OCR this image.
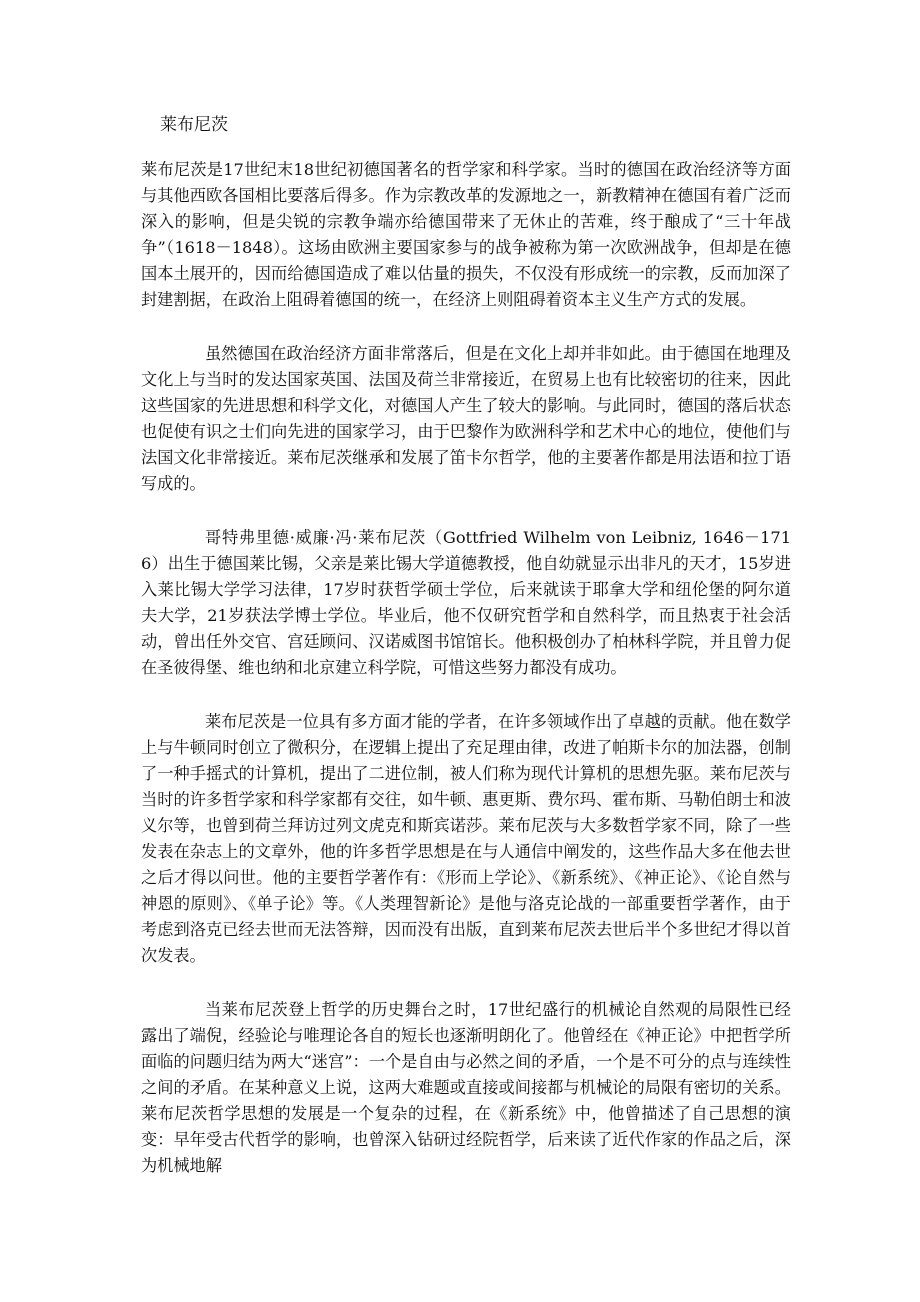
莱布尼茨

莱布尼茨是17世纪末18世纪初德国著名的哲学家和科学家。当时的德国在政治经济等方面与其他西欧各国相比要落后得多。作为宗教改革的发源地之一，新教精神在德国有着广泛而深入的影响，但是尖锐的宗教争端亦给德国带来了无休止的苦难，终于酿成了“三十年战争”（1618－1848）。这场由欧洲主要国家参与的战争被称为第一次欧洲战争，但却是在德国本土展开的，因而给德国造成了难以估量的损失，不仅没有形成统一的宗教，反而加深了封建割据，在政治上阻碍着德国的统一，在经济上则阻碍着资本主义生产方式的发展。

虽然德国在政治经济方面非常落后，但是在文化上却并非如此。由于德国在地理及文化上与当时的发达国家英国、法国及荷兰非常接近，在贸易上也有比较密切的往来，因此这些国家的先进思想和科学文化，对德国人产生了较大的影响。与此同时，德国的落后状态也促使有识之士们向先进的国家学习，由于巴黎作为欧洲科学和艺术中心的地位，使他们与法国文化非常接近。莱布尼茨继承和发展了笛卡尔哲学，他的主要著作都是用法语和拉丁语写成的。

哥特弗里德·威廉·冯·莱布尼茨（Gottfried Wilhelm von Leibniz, 1646－1716）出生于德国莱比锡，父亲是莱比锡大学道德教授，他自幼就显示出非凡的天才，15岁进入莱比锡大学学习法律，17岁时获哲学硕士学位，后来就读于耶拿大学和纽伦堡的阿尔道夫大学，21岁获法学博士学位。毕业后，他不仅研究哲学和自然科学，而且热衷于社会活动，曾出任外交官、宫廷顾问、汉诺威图书馆馆长。他积极创办了柏林科学院，并且曾力促在圣彼得堡、维也纳和北京建立科学院，可惜这些努力都没有成功。

莱布尼茨是一位具有多方面才能的学者，在许多领域作出了卓越的贡献。他在数学上与牛顿同时创立了微积分，在逻辑上提出了充足理由律，改进了帕斯卡尔的加法器，创制了一种手摇式的计算机，提出了二进位制，被人们称为现代计算机的思想先驱。莱布尼茨与当时的许多哲学家和科学家都有交往，如牛顿、惠更斯、费尔玛、霍布斯、马勒伯朗士和波义尔等，也曾到荷兰拜访过列文虎克和斯宾诺莎。莱布尼茨与大多数哲学家不同，除了一些发表在杂志上的文章外，他的许多哲学思想是在与人通信中阐发的，这些作品大多在他去世之后才得以问世。他的主要哲学著作有：《形而上学论》、《新系统》、《神正论》、《论自然与神恩的原则》、《单子论》等。《人类理智新论》是他与洛克论战的一部重要哲学著作，由于考虑到洛克已经去世而无法答辩，因而没有出版，直到莱布尼茨去世后半个多世纪才得以首次发表。

当莱布尼茨登上哲学的历史舞台之时，17世纪盛行的机械论自然观的局限性已经露出了端倪，经验论与唯理论各自的短长也逐渐明朗化了。他曾经在《神正论》中把哲学所面临的问题归结为两大“迷宫”：一个是自由与必然之间的矛盾，一个是不可分的点与连续性之间的矛盾。在某种意义上说，这两大难题或直接或间接都与机械论的局限有密切的关系。莱布尼茨哲学思想的发展是一个复杂的过程，在《新系统》中，他曾描述了自己思想的演变：早年受古代哲学的影响，也曾深入钻研过经院哲学，后来读了近代作家的作品之后，深为机械地解
